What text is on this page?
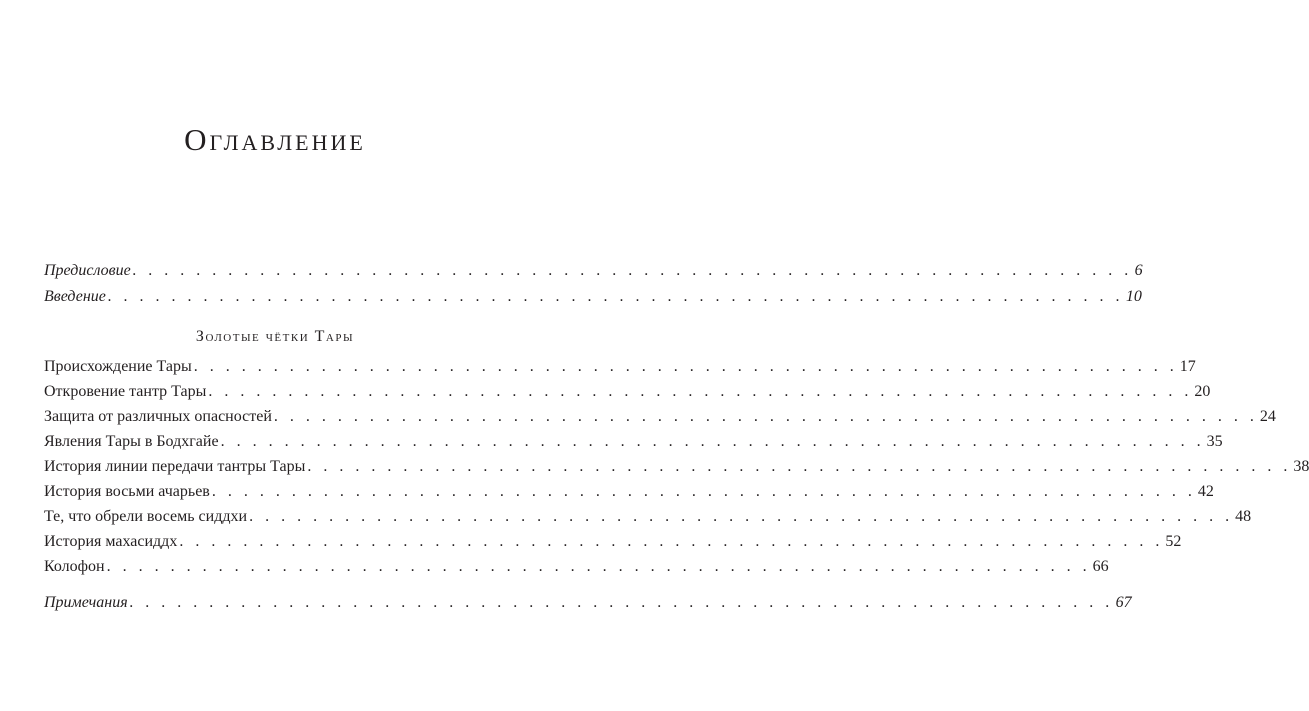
Оглавление
Предисловие . . . . . . . . . . . . . . . . . . . . . . . . . . . . . . . . . . . . . . . . . . . . . . . . . . . . . . . . . . . . . . . 6
Введение . . . . . . . . . . . . . . . . . . . . . . . . . . . . . . . . . . . . . . . . . . . . . . . . . . . . . . . . . . . . . . . . 10
Золотые чётки Тары
Происхождение Тары . . . . . . . . . . . . . . . . . . . . . . . . . . . . . . . . . . . . . . . . . . . . . . . . . . . . . . . . . . . . . . 17
Откровение тантр Тары . . . . . . . . . . . . . . . . . . . . . . . . . . . . . . . . . . . . . . . . . . . . . . . . . . . . . . . . . . . . . . 20
Защита от различных опасностей . . . . . . . . . . . . . . . . . . . . . . . . . . . . . . . . . . . . . . . . . . . . . . . . . . . . . . . . . . . . . . 24
Явления Тары в Бодхгайе . . . . . . . . . . . . . . . . . . . . . . . . . . . . . . . . . . . . . . . . . . . . . . . . . . . . . . . . . . . . . . 35
История линии передачи тантры Тары . . . . . . . . . . . . . . . . . . . . . . . . . . . . . . . . . . . . . . . . . . . . . . . . . . . . . . . . . . . . . . 38
История восьми ачарьев . . . . . . . . . . . . . . . . . . . . . . . . . . . . . . . . . . . . . . . . . . . . . . . . . . . . . . . . . . . . . . 42
Те, что обрели восемь сиддхи . . . . . . . . . . . . . . . . . . . . . . . . . . . . . . . . . . . . . . . . . . . . . . . . . . . . . . . . . . . . . . 48
История махасиддх . . . . . . . . . . . . . . . . . . . . . . . . . . . . . . . . . . . . . . . . . . . . . . . . . . . . . . . . . . . . . . 52
Колофон . . . . . . . . . . . . . . . . . . . . . . . . . . . . . . . . . . . . . . . . . . . . . . . . . . . . . . . . . . . . . . 66
Примечания . . . . . . . . . . . . . . . . . . . . . . . . . . . . . . . . . . . . . . . . . . . . . . . . . . . . . . . . . . . . . . 67
